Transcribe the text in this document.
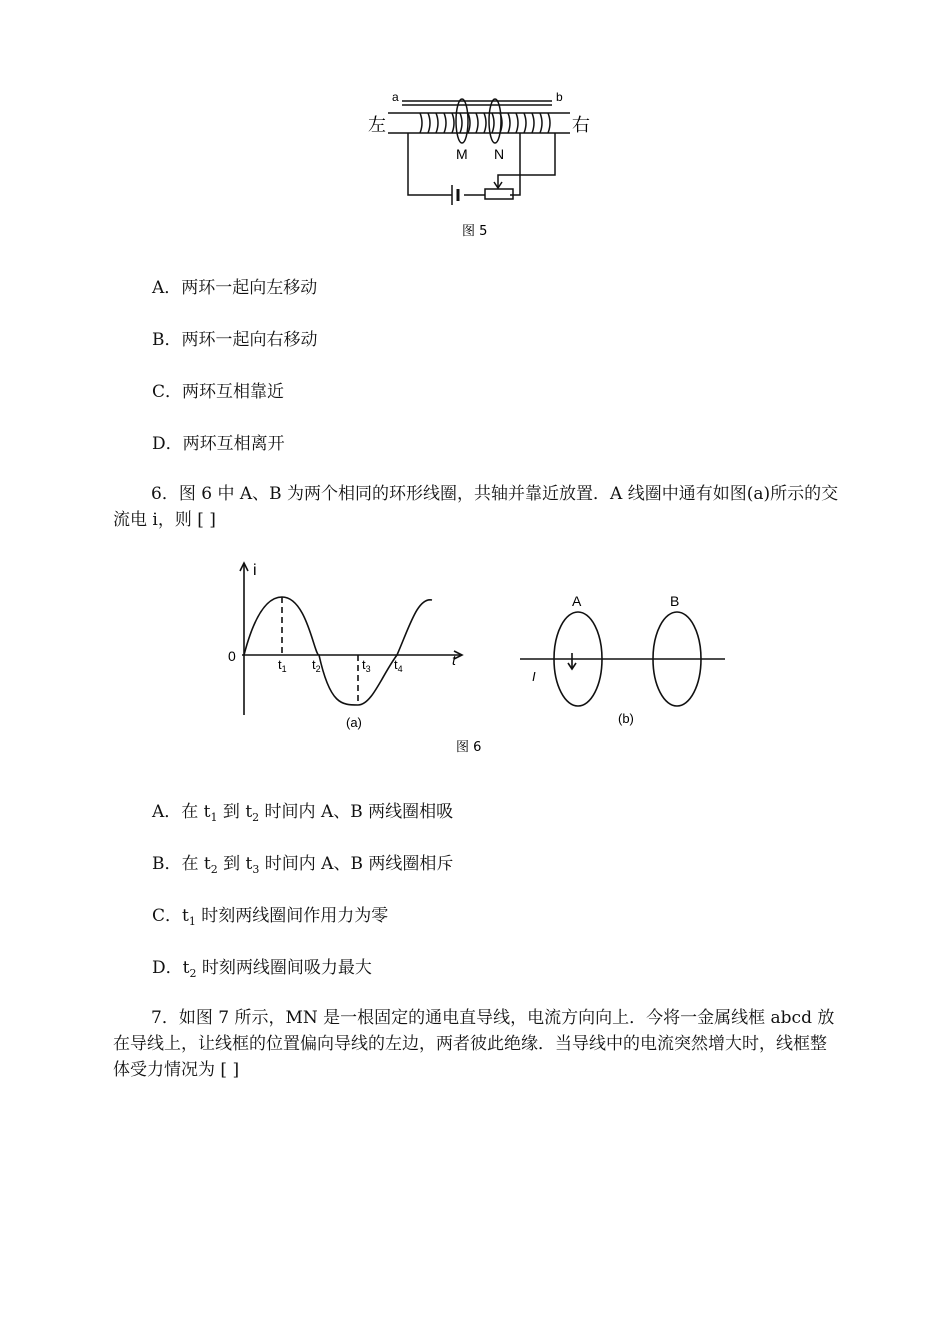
a	b
左	右
M N
图 5
A．两环一起向左移动
B．两环一起向右移动
C．两环互相靠近
D．两环互相离开
6．图 6 中 A、B 为两个相同的环形线圈，共轴并靠近放置．A 线圈中通有如图(a)所示的交流电 i，则 [ ]
i
t
0
$t_1$ $t_2$	$t_3$ $t_4$
(a)
A	B
I
(b)
图 6
A．在 $t_1$ 到 $t_2$ 时间内 A、B 两线圈相吸
B．在 $t_2$ 到 $t_3$ 时间内 A、B 两线圈相斥
C．$t_1$ 时刻两线圈间作用力为零
D．$t_2$ 时刻两线圈间吸力最大
7．如图 7 所示，MN 是一根固定的通电直导线，电流方向向上．今将一金属线框 abcd 放在导线上，让线框的位置偏向导线的左边，两者彼此绝缘．当导线中的电流突然增大时，线框整体受力情况为 [ ]
